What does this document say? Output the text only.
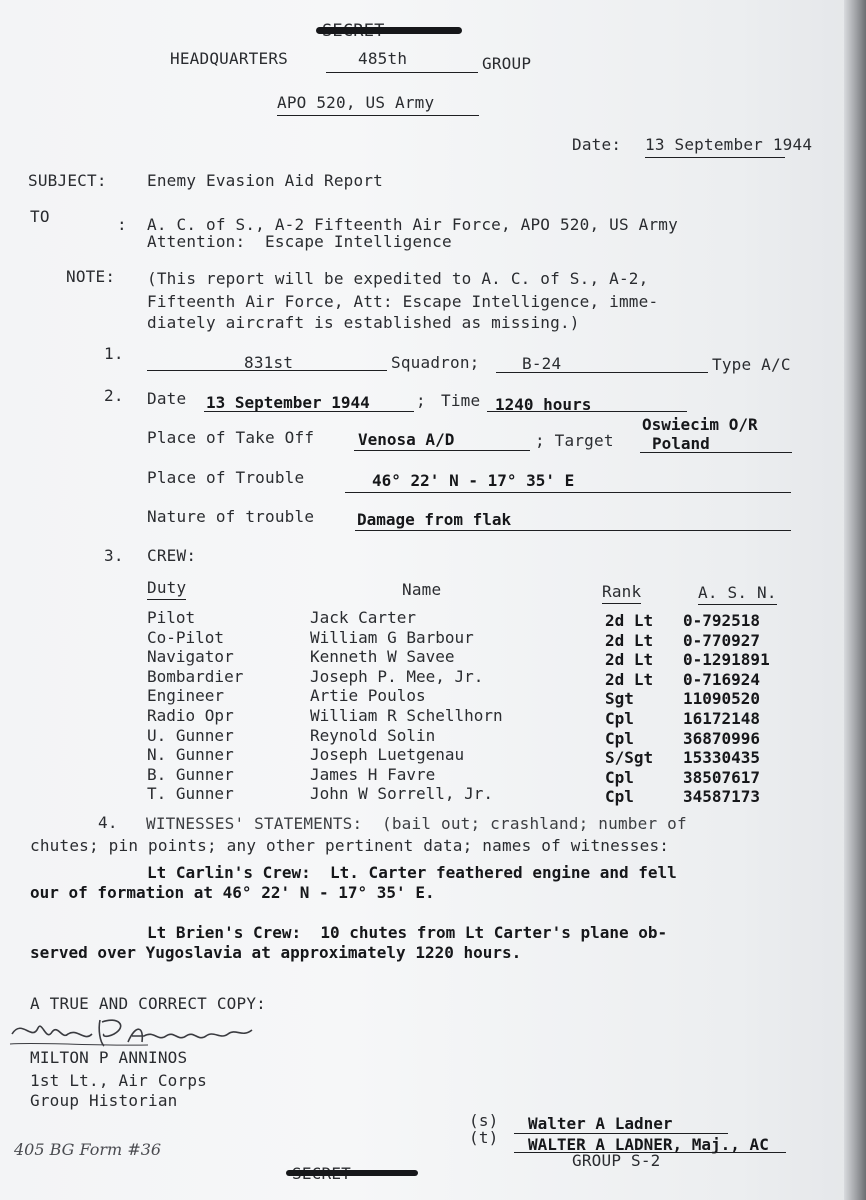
HEADQUARTERS	485th	GROUP
APO 520, US Army
Date: 13 September 1944
SUBJECT:	Enemy Evasion Aid Report
TO	: A. C. of S., A-2 Fifteenth Air Force, APO 520, US Army
Attention:  Escape Intelligence
NOTE: (This report will be expedited to A. C. of S., A-2,
Fifteenth Air Force, Att: Escape Intelligence, imme-
diately aircraft is established as missing.)
1.	831st	Squadron;	B-24	Type A/C
2. Date 13 September 1944	; Time 1240 hours
Place of Take Off	Venosa A/D	; Target
Oswiecim O/R
Poland
Place of Trouble	46° 22' N - 17° 35' E
Nature of trouble	Damage from flak
3. CREW:
Duty	Name	Rank	A. S. N.
Pilot	Jack Carter	2d Lt 0-792518
Co-Pilot	William G Barbour	2d Lt 0-770927
Navigator	Kenneth W Savee	2d Lt 0-1291891
Bombardier	Joseph P. Mee, Jr.	2d Lt 0-716924
Engineer	Artie Poulos	Sgt	11090520
Radio Opr	William R Schellhorn	Cpl	16172148
U. Gunner	Reynold Solin	Cpl	36870996
N. Gunner	Joseph Luetgenau	S/Sgt 15330435
B. Gunner	James H Favre	Cpl	38507617
T. Gunner	John W Sorrell, Jr.	Cpl	34587173
4. WITNESSES' STATEMENTS:  (bail out; crashland; number of
chutes; pin points; any other pertinent data; names of witnesses:
Lt Carlin's Crew:  Lt. Carter feathered engine and fell
our of formation at 46° 22' N - 17° 35' E.
Lt Brien's Crew:  10 chutes from Lt Carter's plane ob-
served over Yugoslavia at approximately 1220 hours.
A TRUE AND CORRECT COPY:
MILTON P ANNINOS
1st Lt., Air Corps
Group Historian
(s)
(t)
Walter A Ladner
WALTER A LADNER, Maj., AC
GROUP S-2
405 BG Form #36
